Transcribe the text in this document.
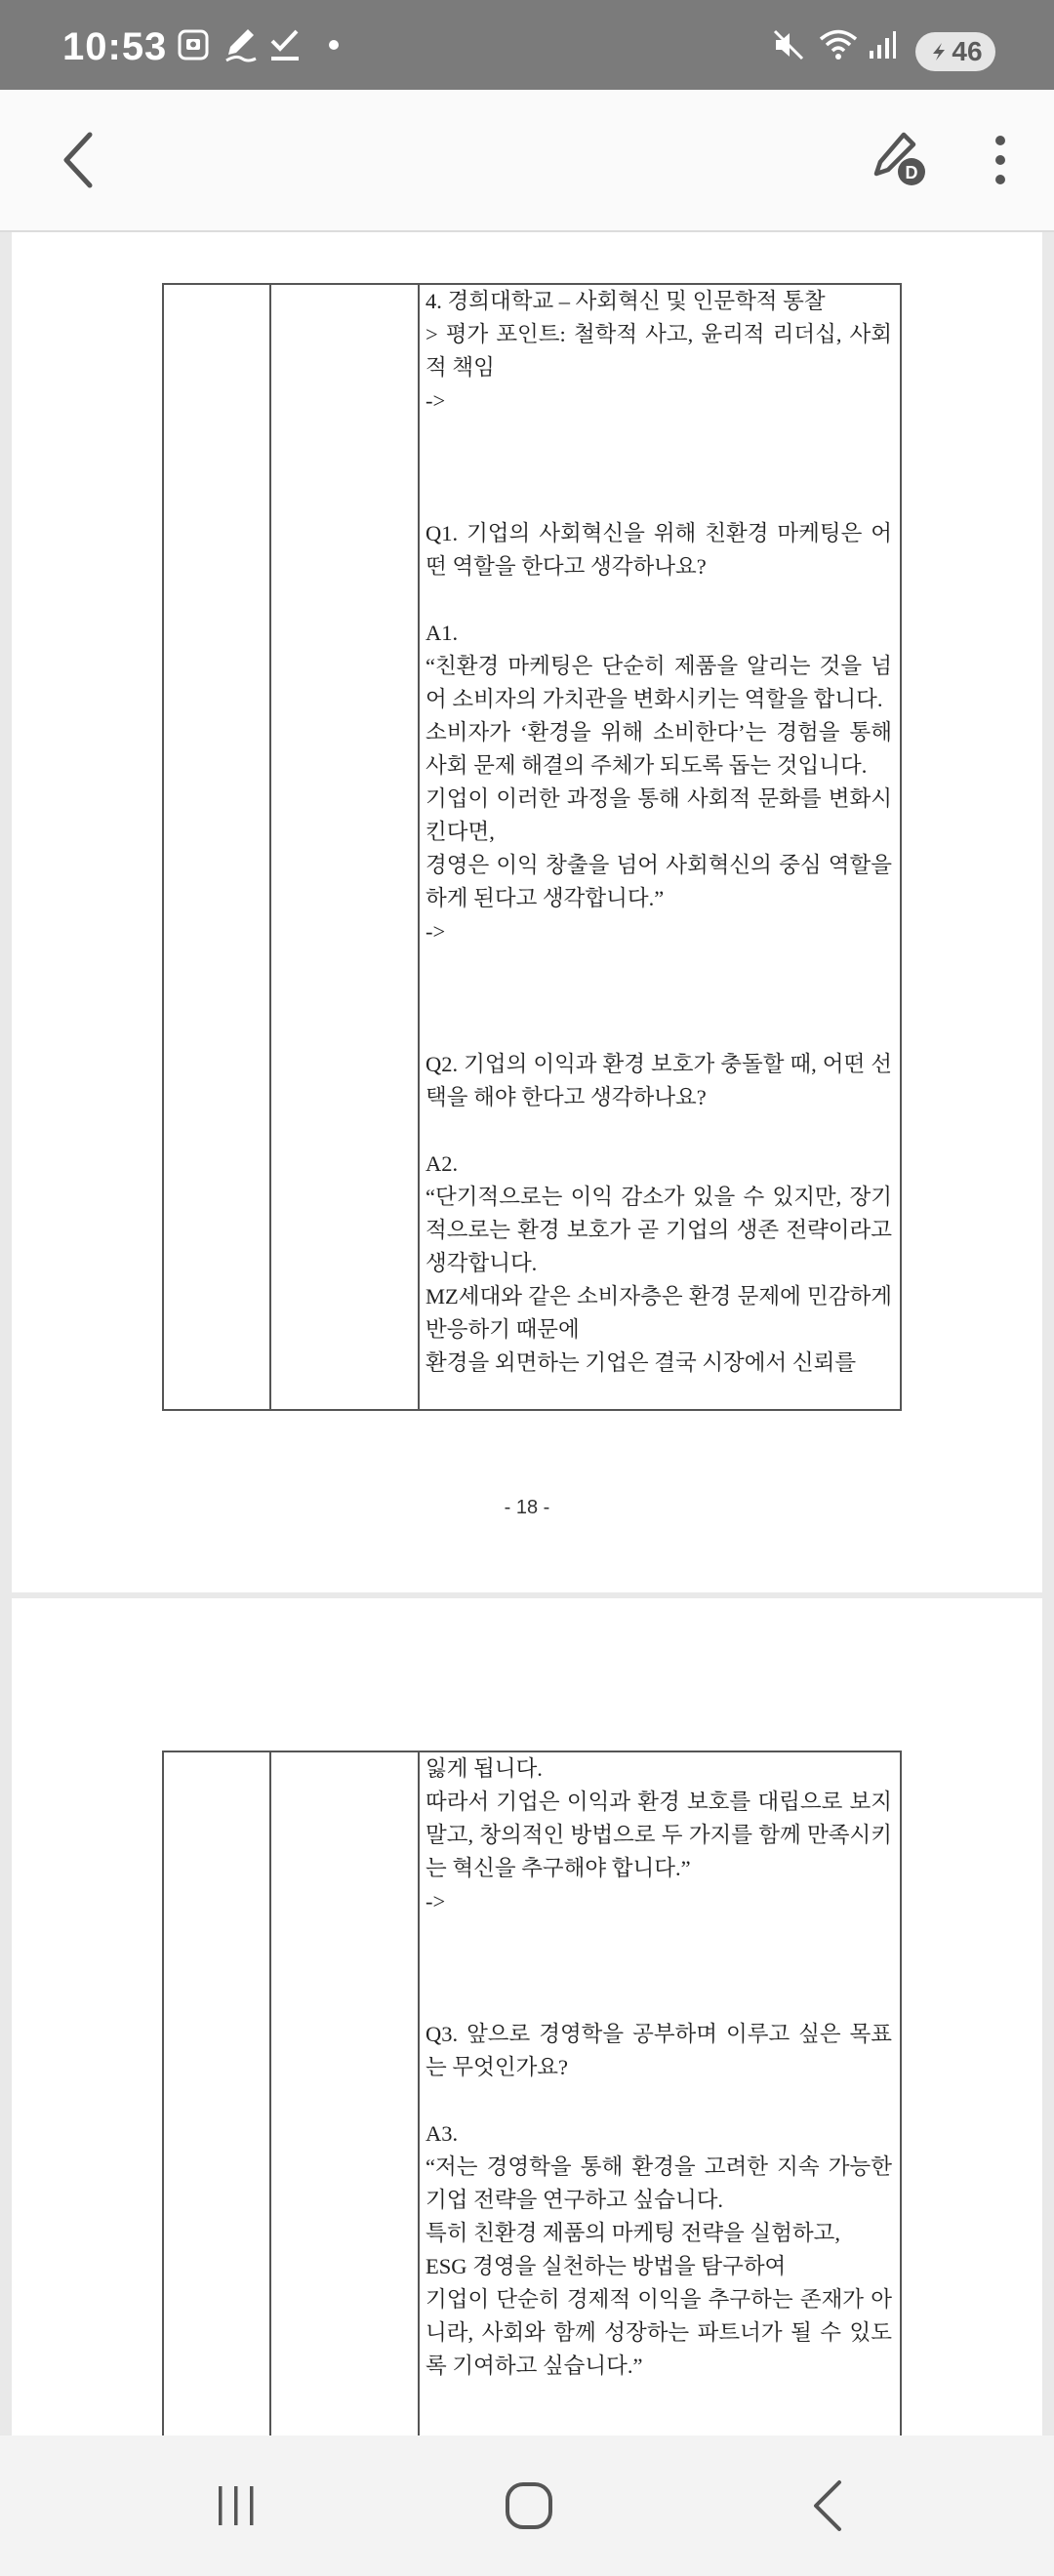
10:53	46
D

4. 경희대학교 – 사회혁신 및 인문학적 통찰

> 평가 포인트: 철학적 사고, 윤리적 리더십, 사회적 책임

->

Q1. 기업의 사회혁신을 위해 친환경 마케팅은 어떤 역할을 한다고 생각하나요?

A1.

“친환경 마케팅은 단순히 제품을 알리는 것을 넘어 소비자의 가치관을 변화시키는 역할을 합니다.

소비자가 ‘환경을 위해 소비한다’는 경험을 통해 사회 문제 해결의 주체가 되도록 돕는 것입니다.

기업이 이러한 과정을 통해 사회적 문화를 변화시킨다면,

경영은 이익 창출을 넘어 사회혁신의 중심 역할을 하게 된다고 생각합니다.”

->

Q2. 기업의 이익과 환경 보호가 충돌할 때, 어떤 선택을 해야 한다고 생각하나요?

A2.

“단기적으로는 이익 감소가 있을 수 있지만, 장기적으로는 환경 보호가 곧 기업의 생존 전략이라고 생각합니다.

MZ세대와 같은 소비자층은 환경 문제에 민감하게 반응하기 때문에

환경을 외면하는 기업은 결국 시장에서 신뢰를

- 18 -

잃게 됩니다.

따라서 기업은 이익과 환경 보호를 대립으로 보지 말고, 창의적인 방법으로 두 가지를 함께 만족시키는 혁신을 추구해야 합니다.”

->

Q3. 앞으로 경영학을 공부하며 이루고 싶은 목표는 무엇인가요?

A3.

“저는 경영학을 통해 환경을 고려한 지속 가능한 기업 전략을 연구하고 싶습니다.

특히 친환경 제품의 마케팅 전략을 실험하고,

ESG 경영을 실천하는 방법을 탐구하여

기업이 단순히 경제적 이익을 추구하는 존재가 아니라, 사회와 함께 성장하는 파트너가 될 수 있도록 기여하고 싶습니다.”
